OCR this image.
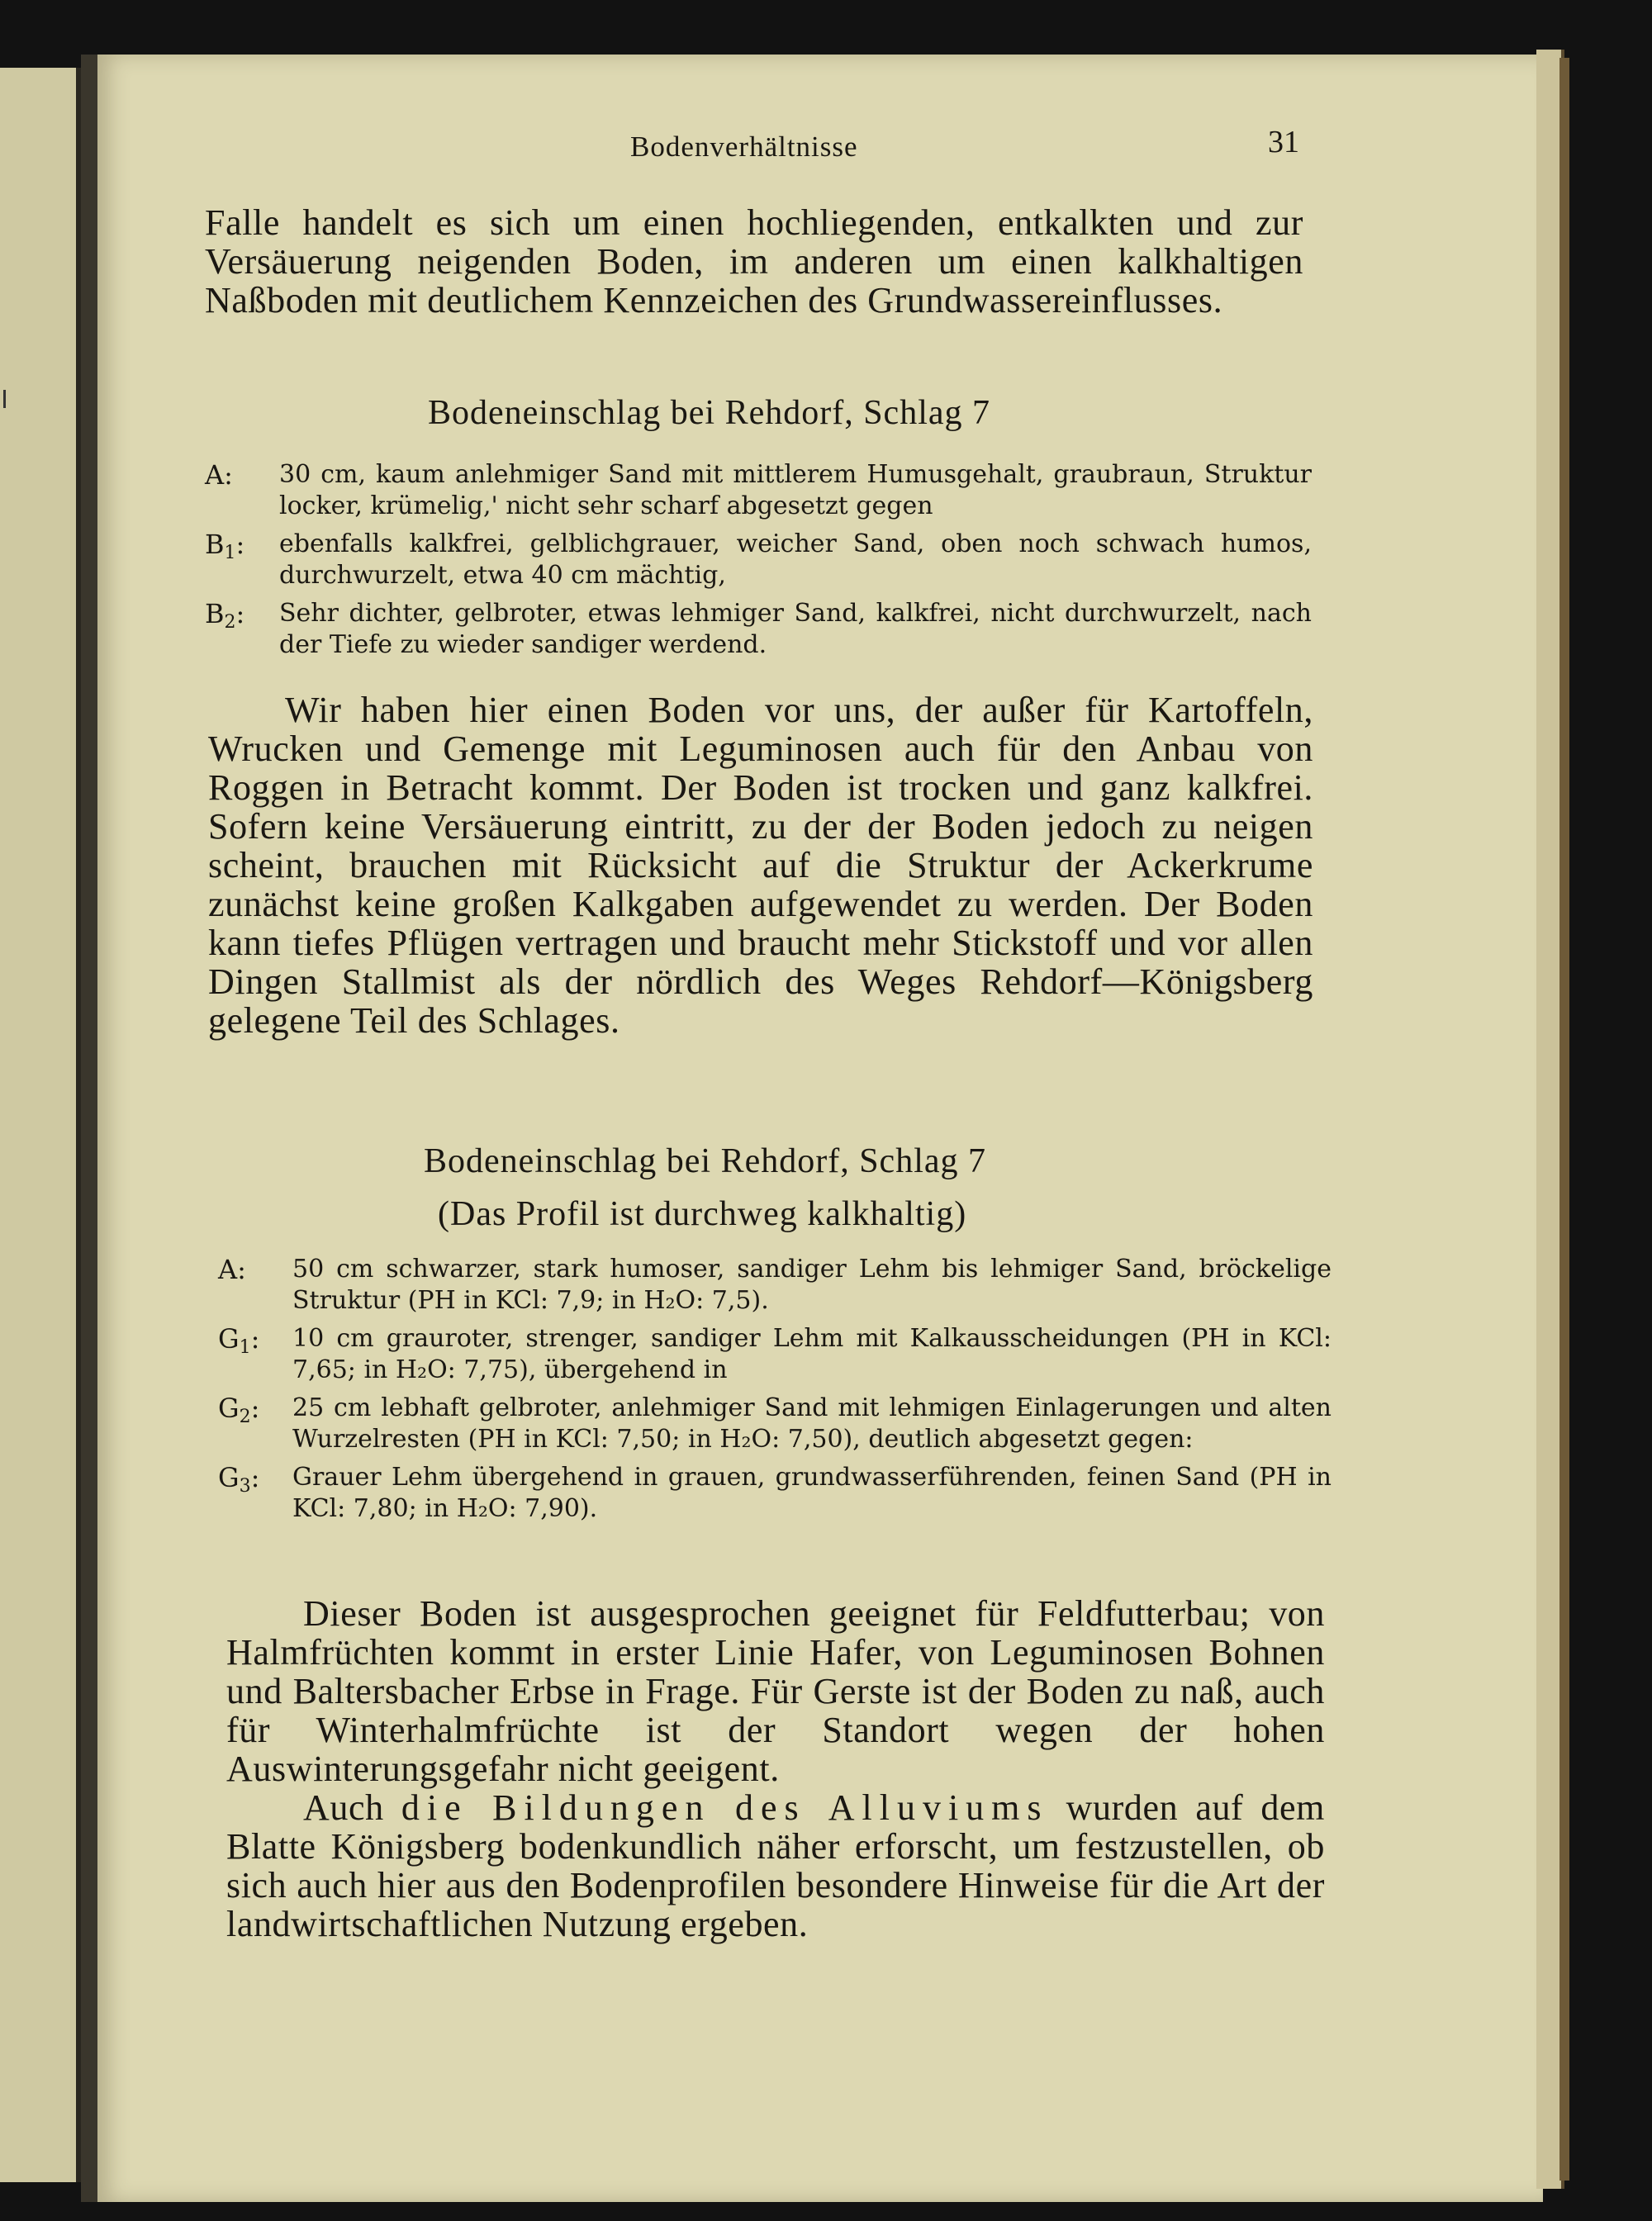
Bodenverhältnisse	31

Falle handelt es sich um einen hochliegenden, entkalkten und zur Versäuerung neigenden Boden, im anderen um einen kalkhaltigen Naßboden mit deutlichem Kennzeichen des Grundwassereinflusses.

Bodeneinschlag bei Rehdorf, Schlag 7
A: 30 cm, kaum anlehmiger Sand mit mittlerem Humusgehalt, graubraun, Struktur locker, krümelig,' nicht sehr scharf abgesetzt gegen
B1: ebenfalls kalkfrei, gelblichgrauer, weicher Sand, oben noch schwach humos, durchwurzelt, etwa 40 cm mächtig,
B2: Sehr dichter, gelbroter, etwas lehmiger Sand, kalkfrei, nicht durchwurzelt, nach der Tiefe zu wieder sandiger werdend.

Wir haben hier einen Boden vor uns, der außer für Kartoffeln, Wrucken und Gemenge mit Leguminosen auch für den Anbau von Roggen in Betracht kommt. Der Boden ist trocken und ganz kalkfrei. Sofern keine Versäuerung eintritt, zu der der Boden jedoch zu neigen scheint, brauchen mit Rücksicht auf die Struktur der Ackerkrume zunächst keine großen Kalkgaben aufgewendet zu werden. Der Boden kann tiefes Pflügen vertragen und braucht mehr Stickstoff und vor allen Dingen Stallmist als der nördlich des Weges Rehdorf—Königsberg gelegene Teil des Schlages.

Bodeneinschlag bei Rehdorf, Schlag 7
(Das Profil ist durchweg kalkhaltig)
A: 50 cm schwarzer, stark humoser, sandiger Lehm bis lehmiger Sand, bröckelige Struktur (PH in KCl: 7,9; in H₂O: 7,5).
G1: 10 cm grauroter, strenger, sandiger Lehm mit Kalkausscheidungen (PH in KCl: 7,65; in H₂O: 7,75), übergehend in
G2: 25 cm lebhaft gelbroter, anlehmiger Sand mit lehmigen Einlagerungen und alten Wurzelresten (PH in KCl: 7,50; in H₂O: 7,50), deutlich abgesetzt gegen:
G3: Grauer Lehm übergehend in grauen, grundwasserführenden, feinen Sand (PH in KCl: 7,80; in H₂O: 7,90).

Dieser Boden ist ausgesprochen geeignet für Feldfutterbau; von Halmfrüchten kommt in erster Linie Hafer, von Leguminosen Bohnen und Baltersbacher Erbse in Frage. Für Gerste ist der Boden zu naß, auch für Winterhalmfrüchte ist der Standort wegen der hohen Auswinterungsgefahr nicht geeigent.

Auch die Bildungen des Alluviums wurden auf dem Blatte Königsberg bodenkundlich näher erforscht, um festzustellen, ob sich auch hier aus den Bodenprofilen besondere Hinweise für die Art der landwirtschaftlichen Nutzung ergeben.
